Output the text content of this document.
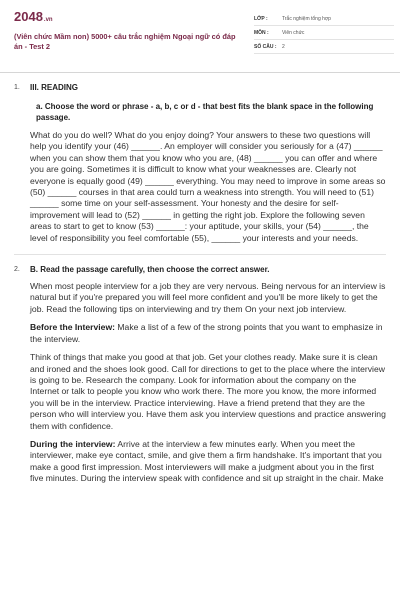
2048.vn
(Viên chức Mầm non) 5000+ câu trắc nghiệm Ngoại ngữ có đáp án - Test 2
LỚP :	Trắc nghiệm tổng hợp
MÔN :	Viên chức
SỐ CÂU :	2
1.	III. READING
a. Choose the word or phrase - a, b, c or d - that best fits the blank space in the following passage.
What do you do well? What do you enjoy doing? Your answers to these two questions will help you identify your (46) ______. An employer will consider you seriously for a (47) ______ when you can show them that you know who you are, (48) ______ you can offer and where you are going. Sometimes it is difficult to know what your weaknesses are. Clearly not everyone is equally good (49) ______ everything. You may need to improve in some areas so (50) ______ courses in that area could turn a weakness into strength. You will need to (51) ______ some time on your self-assessment. Your honesty and the desire for self-improvement will lead to (52) ______ in getting the right job. Explore the following seven areas to start to get to know (53) ______: your aptitude, your skills, your (54) ______, the level of responsibility you feel comfortable (55), ______ your interests and your needs.
2.	B. Read the passage carefully, then choose the correct answer.
When most people interview for a job they are very nervous. Being nervous for an interview is natural but if you're prepared you will feel more confident and you'll be more likely to get the job. Read the following tips on interviewing and try them On your next job interview.
Before the Interview: Make a list of a few of the strong points that you want to emphasize in the interview.
Think of things that make you good at that job. Get your clothes ready. Make sure it is clean and ironed and the shoes look good. Call for directions to get to the place where the interview is going to be. Research the company. Look for information about the company on the Internet or talk to people you know who work there. The more you know, the more informed you will be in the interview. Practice interviewing. Have a friend pretend that they are the person who will interview you. Have them ask you interview questions and practice answering them with confidence.
During the interview: Arrive at the interview a few minutes early. When you meet the interviewer, make eye contact, smile, and give them a firm handshake. It's important that you make a good first impression. Most interviewers will make a judgment about you in the first five minutes. During the interview speak with confidence and sit up straight in the chair. Make
